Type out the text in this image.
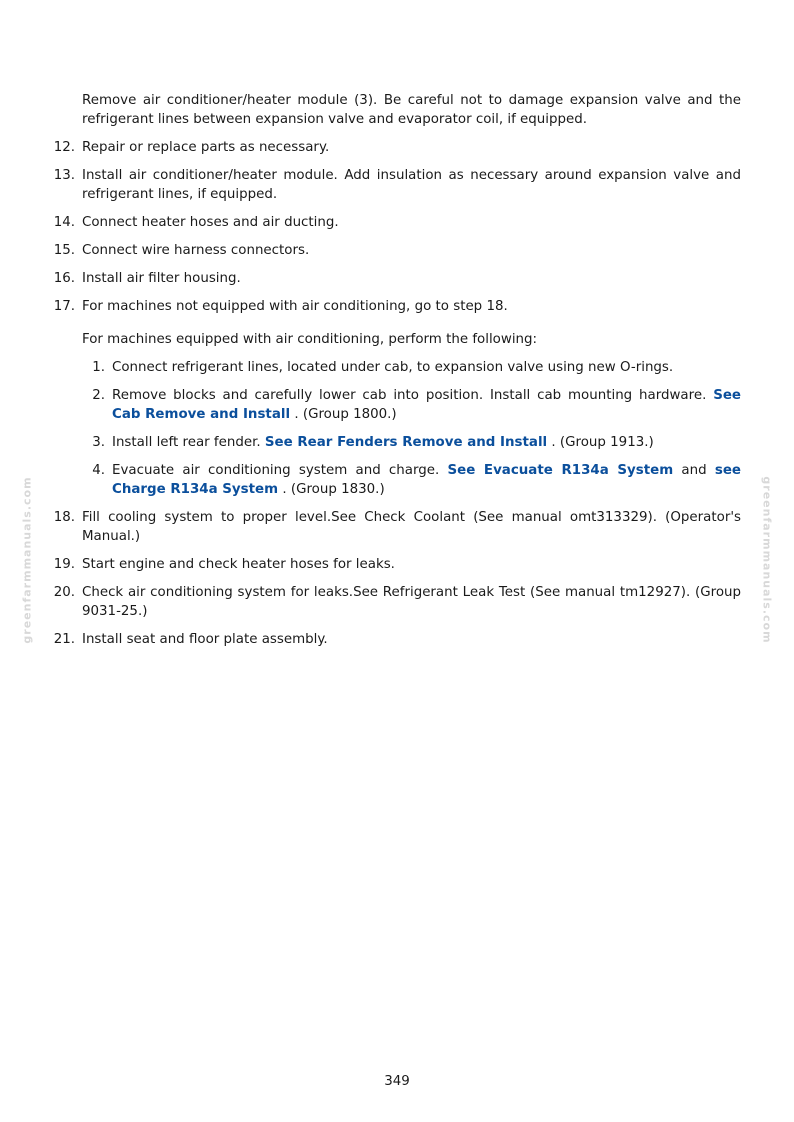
Remove air conditioner/heater module (3). Be careful not to damage expansion valve and the refrigerant lines between expansion valve and evaporator coil, if equipped.

12. Repair or replace parts as necessary.
13. Install air conditioner/heater module. Add insulation as necessary around expansion valve and refrigerant lines, if equipped.
14. Connect heater hoses and air ducting.
15. Connect wire harness connectors.
16. Install air filter housing.
17. For machines not equipped with air conditioning, go to step 18.

For machines equipped with air conditioning, perform the following:

1. Connect refrigerant lines, located under cab, to expansion valve using new O-rings.
2. Remove blocks and carefully lower cab into position. Install cab mounting hardware. See Cab Remove and Install . (Group 1800.)
3. Install left rear fender. See Rear Fenders Remove and Install . (Group 1913.)
4. Evacuate air conditioning system and charge. See Evacuate R134a System and see Charge R134a System . (Group 1830.)
18. Fill cooling system to proper level.See Check Coolant (See manual omt313329). (Operator's Manual.)
19. Start engine and check heater hoses for leaks.
20. Check air conditioning system for leaks.See Refrigerant Leak Test (See manual tm12927). (Group 9031-25.)
21. Install seat and floor plate assembly.
greenfarmmanuals.com	greenfarmmanuals.com
349
